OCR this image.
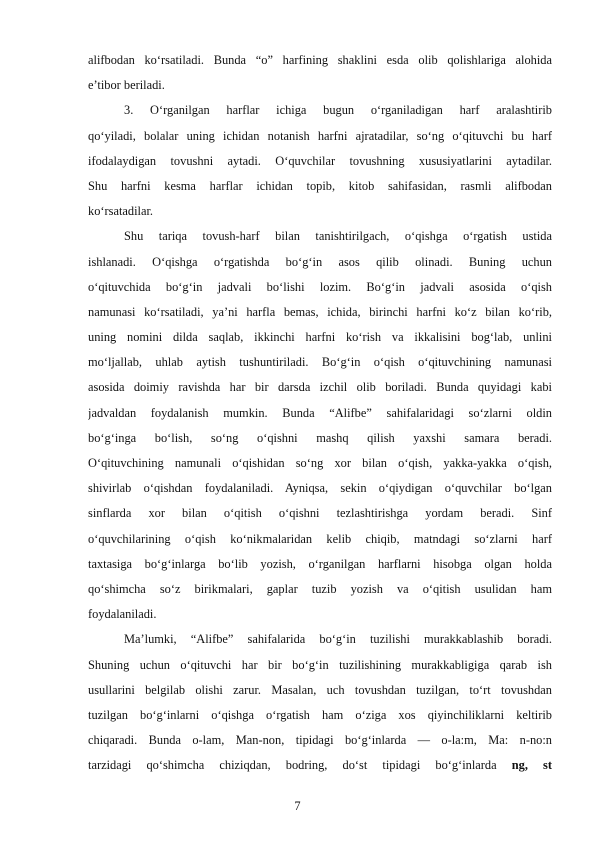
alifbodan ko‘rsatiladi. Bunda “o” harfining shaklini esda olib qolishlariga alohida
e’tibor beriladi.
3. O‘rganilgan harflar ichiga bugun o‘rganiladigan harf aralashtirib
qo‘yiladi, bolalar uning ichidan notanish harfni ajratadilar, so‘ng o‘qituvchi bu harf
ifodalaydigan tovushni aytadi. O‘quvchilar tovushning xususiyatlarini aytadilar.
Shu harfni kesma harflar ichidan topib, kitob sahifasidan, rasmli alifbodan
ko‘rsatadilar.
Shu tariqa tovush-harf bilan tanishtirilgach, o‘qishga o‘rgatish ustida
ishlanadi. O‘qishga o‘rgatishda bo‘g‘in asos qilib olinadi. Buning uchun
o‘qituvchida bo‘g‘in jadvali bo‘lishi lozim. Bo‘g‘in jadvali asosida o‘qish
namunasi ko‘rsatiladi, ya’ni harfla bemas, ichida, birinchi harfni ko‘z bilan ko‘rib,
uning nomini dilda saqlab, ikkinchi harfni ko‘rish va ikkalisini bog‘lab, unlini
mo‘ljallab, uhlab aytish tushuntiriladi. Bo‘g‘in o‘qish o‘qituvchining namunasi
asosida doimiy ravishda har bir darsda izchil olib boriladi. Bunda quyidagi kabi
jadvaldan foydalanish mumkin. Bunda “Alifbe” sahifalaridagi so‘zlarni oldin
bo‘g‘inga bo‘lish, so‘ng o‘qishni mashq qilish yaxshi samara beradi.
O‘qituvchining namunali o‘qishidan so‘ng xor bilan o‘qish, yakka-yakka o‘qish,
shivirlab o‘qishdan foydalaniladi. Ayniqsa, sekin o‘qiydigan o‘quvchilar bo‘lgan
sinflarda xor bilan o‘qitish o‘qishni tezlashtirishga yordam beradi. Sinf
o‘quvchilarining o‘qish ko‘nikmalaridan kelib chiqib, matndagi so‘zlarni harf
taxtasiga bo‘g‘inlarga bo‘lib yozish, o‘rganilgan harflarni hisobga olgan holda
qo‘shimcha so‘z birikmalari, gaplar tuzib yozish va o‘qitish usulidan ham
foydalaniladi.
Ma’lumki, “Alifbe” sahifalarida bo‘g‘in tuzilishi murakkablashib boradi.
Shuning uchun o‘qituvchi har bir bo‘g‘in tuzilishining murakkabligiga qarab ish
usullarini belgilab olishi zarur. Masalan, uch tovushdan tuzilgan, to‘rt tovushdan
tuzilgan bo‘g‘inlarni o‘qishga o‘rgatish ham o‘ziga xos qiyinchiliklarni keltirib
chiqaradi. Bunda o-lam, Man-non, tipidagi bo‘g‘inlarda — o-la:m, Ma: n-no:n
tarzidagi qo‘shimcha chiziqdan, bodring, do‘st tipidagi bo‘g‘inlarda ng, st
7
